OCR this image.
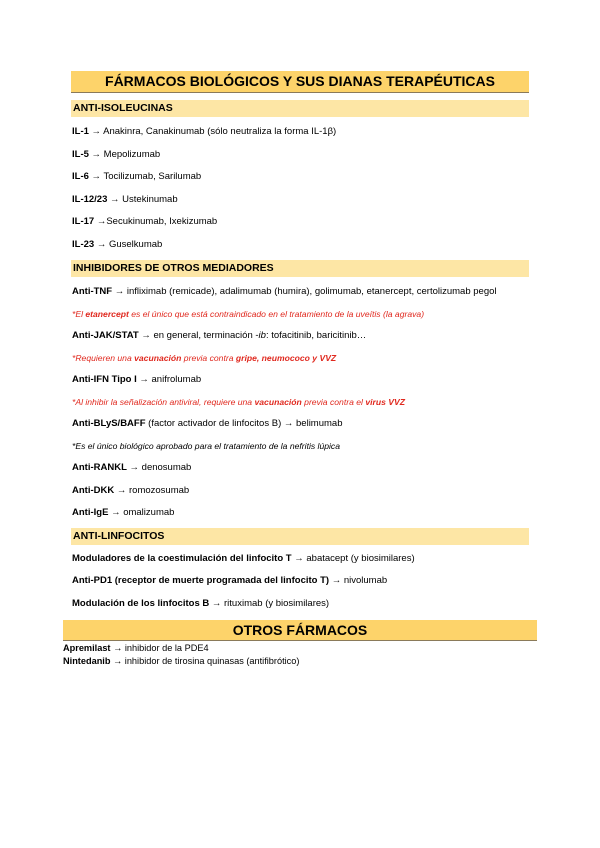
FÁRMACOS BIOLÓGICOS Y SUS DIANAS TERAPÉUTICAS
ANTI-ISOLEUCINAS
IL-1 → Anakinra, Canakinumab (sólo neutraliza la forma IL-1β)
IL-5 → Mepolizumab
IL-6 → Tocilizumab, Sarilumab
IL-12/23 → Ustekinumab
IL-17 →Secukinumab, Ixekizumab
IL-23 → Guselkumab
INHIBIDORES DE OTROS MEDIADORES
Anti-TNF → infliximab (remicade), adalimumab (humira), golimumab, etanercept, certolizumab pegol
*El etanercept es el único que está contraindicado en el tratamiento de la uveítis (la agrava)
Anti-JAK/STAT → en general, terminación -ib: tofacitinib, baricitinib…
*Requieren una vacunación previa contra gripe, neumococo y VVZ
Anti-IFN Tipo I → anifrolumab
*Al inhibir la señalización antiviral, requiere una vacunación previa contra el virus VVZ
Anti-BLyS/BAFF (factor activador de linfocitos B) → belimumab
*Es el único biológico aprobado para el tratamiento de la nefritis lúpica
Anti-RANKL → denosumab
Anti-DKK → romozosumab
Anti-IgE → omalizumab
ANTI-LINFOCITOS
Moduladores de la coestimulación del linfocito T → abatacept (y biosimilares)
Anti-PD1 (receptor de muerte programada del linfocito T) → nivolumab
Modulación de los linfocitos B → rituximab (y biosimilares)
OTROS FÁRMACOS
Apremilast → inhibidor de la PDE4
Nintedanib → inhibidor de tirosina quinasas (antifibrótico)
